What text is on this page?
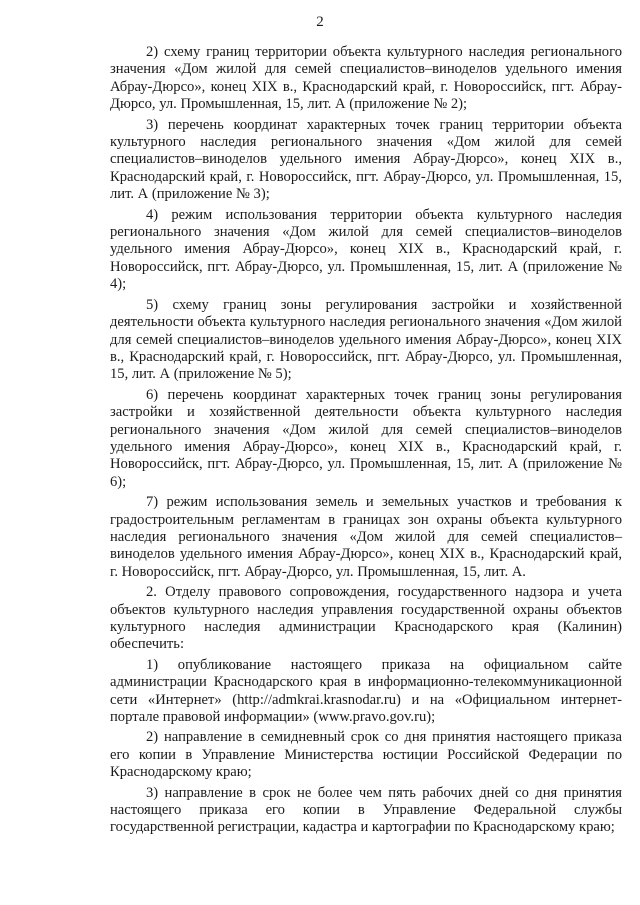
2

2) схему границ территории объекта культурного наследия регионального значения «Дом жилой для семей специалистов–виноделов удельного имения Абрау-Дюрсо», конец XIX в., Краснодарский край, г. Новороссийск, пгт. Абрау-Дюрсо, ул. Промышленная, 15, лит. А (приложение № 2);

3) перечень координат характерных точек границ территории объекта культурного наследия регионального значения «Дом жилой для семей специалистов–виноделов удельного имения Абрау-Дюрсо», конец XIX в., Краснодарский край, г. Новороссийск, пгт. Абрау-Дюрсо, ул. Промышленная, 15, лит. А (приложение № 3);

4) режим использования территории объекта культурного наследия регионального значения «Дом жилой для семей специалистов–виноделов удельного имения Абрау-Дюрсо», конец XIX в., Краснодарский край, г. Новороссийск, пгт. Абрау-Дюрсо, ул. Промышленная, 15, лит. А (приложение № 4);

5) схему границ зоны регулирования застройки и хозяйственной деятельности объекта культурного наследия регионального значения «Дом жилой для семей специалистов–виноделов удельного имения Абрау-Дюрсо», конец XIX в., Краснодарский край, г. Новороссийск, пгт. Абрау-Дюрсо, ул. Промышленная, 15, лит. А (приложение № 5);

6) перечень координат характерных точек границ зоны регулирования застройки и хозяйственной деятельности объекта культурного наследия регионального значения «Дом жилой для семей специалистов–виноделов удельного имения Абрау-Дюрсо», конец XIX в., Краснодарский край, г. Новороссийск, пгт. Абрау-Дюрсо, ул. Промышленная, 15, лит. А (приложение № 6);

7) режим использования земель и земельных участков и требования к градостроительным регламентам в границах зон охраны объекта культурного наследия регионального значения «Дом жилой для семей специалистов–виноделов удельного имения Абрау-Дюрсо», конец XIX в., Краснодарский край, г. Новороссийск, пгт. Абрау-Дюрсо, ул. Промышленная, 15, лит. А.

2. Отделу правового сопровождения, государственного надзора и учета объектов культурного наследия управления государственной охраны объектов культурного наследия администрации Краснодарского края (Калинин) обеспечить:

1) опубликование настоящего приказа на официальном сайте администрации Краснодарского края в информационно-телекоммуникационной сети «Интернет» (http://admkrai.krasnodar.ru) и на «Официальном интернет-портале правовой информации» (www.pravo.gov.ru);

2) направление в семидневный срок со дня принятия настоящего приказа его копии в Управление Министерства юстиции Российской Федерации по Краснодарскому краю;

3) направление в срок не более чем пять рабочих дней со дня принятия настоящего приказа его копии в Управление Федеральной службы государственной регистрации, кадастра и картографии по Краснодарскому краю;
